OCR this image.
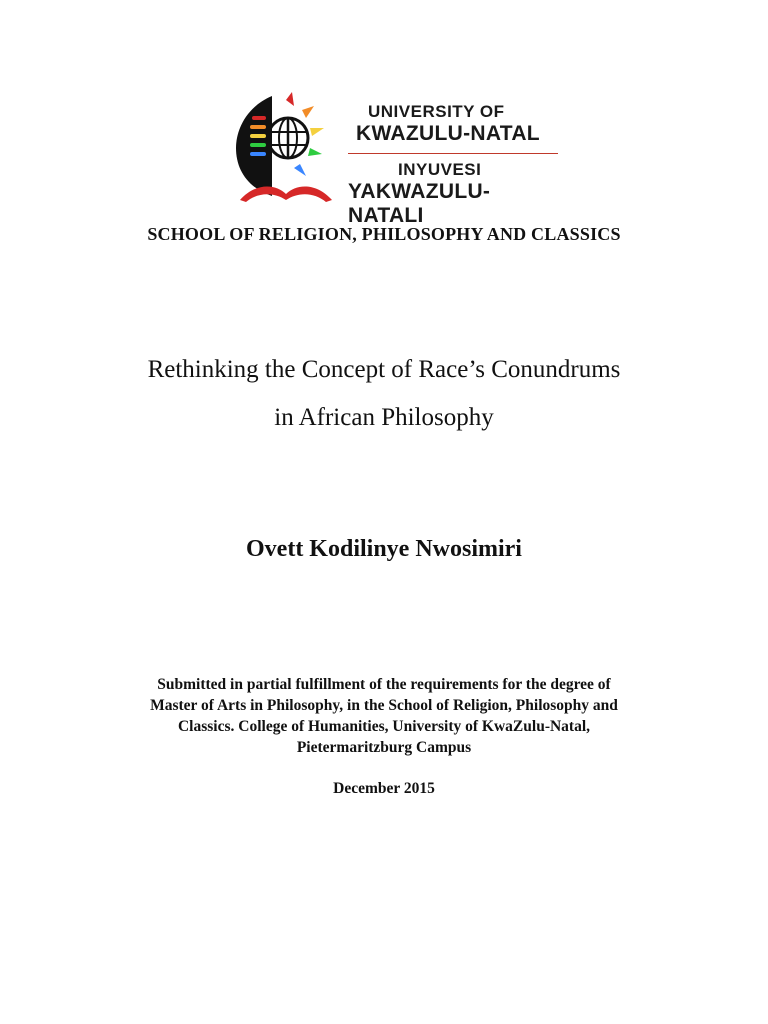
UNIVERSITY OF
KWAZULU-NATAL
INYUVESI
YAKWAZULU-NATALI
SCHOOL OF RELIGION, PHILOSOPHY AND CLASSICS
Rethinking the Concept of Race’s Conundrums
in African Philosophy
Ovett Kodilinye Nwosimiri
Submitted in partial fulfillment of the requirements for the degree of
Master of Arts in Philosophy, in the School of Religion, Philosophy and
Classics. College of Humanities, University of KwaZulu-Natal,
Pietermaritzburg Campus
December 2015
